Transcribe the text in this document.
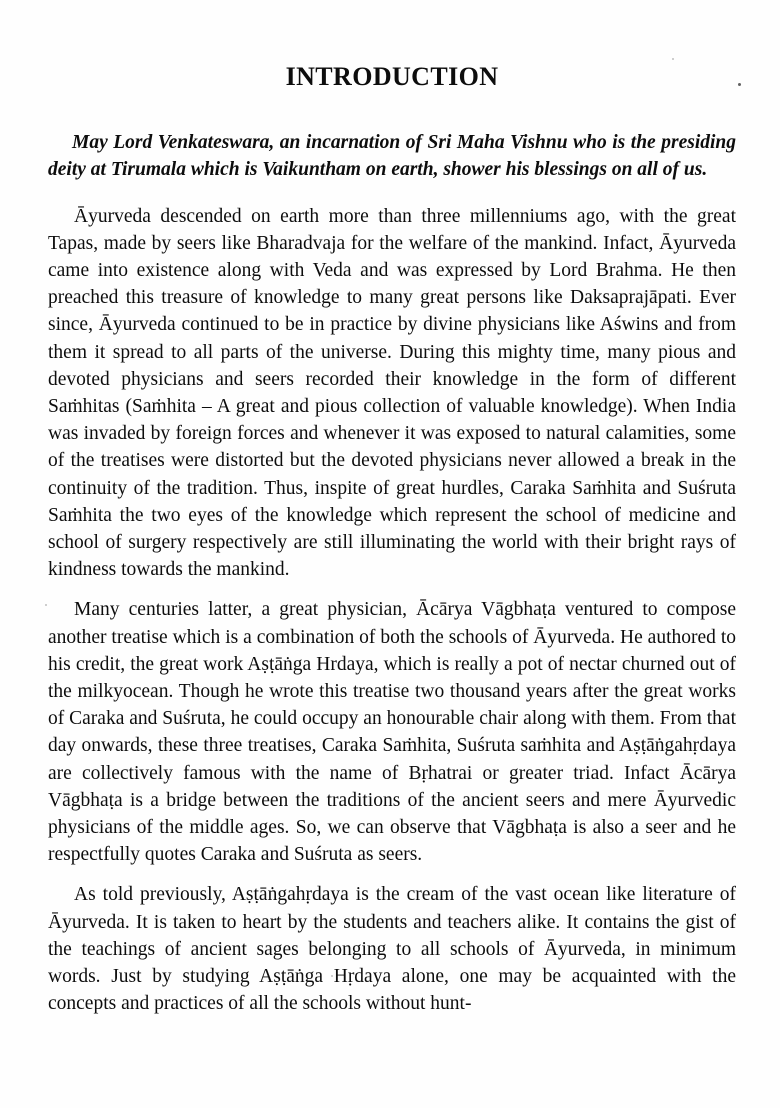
INTRODUCTION

May Lord Venkateswara, an incarnation of Sri Maha Vishnu who is the presiding deity at Tirumala which is Vaikuntham on earth, shower his blessings on all of us.

Āyurveda descended on earth more than three millenniums ago, with the great Tapas, made by seers like Bharadvaja for the welfare of the mankind. Infact, Āyurveda came into existence along with Veda and was expressed by Lord Brahma. He then preached this treasure of knowledge to many great persons like Daksaprajāpati. Ever since, Āyurveda continued to be in practice by divine physicians like Aświns and from them it spread to all parts of the universe. During this mighty time, many pious and devoted physicians and seers recorded their knowledge in the form of different Saṁhitas (Saṁhita – A great and pious collection of valuable knowledge). When India was invaded by foreign forces and whenever it was exposed to natural calamities, some of the treatises were distorted but the devoted physicians never allowed a break in the continuity of the tradition. Thus, inspite of great hurdles, Caraka Saṁhita and Suśruta Saṁhita the two eyes of the knowledge which represent the school of medicine and school of surgery respectively are still illuminating the world with their bright rays of kindness towards the mankind.

Many centuries latter, a great physician, Ācārya Vāgbhaṭa ventured to compose another treatise which is a combination of both the schools of Āyurveda. He authored to his credit, the great work Aṣṭāṅga Hrdaya, which is really a pot of nectar churned out of the milkyocean. Though he wrote this treatise two thousand years after the great works of Caraka and Suśruta, he could occupy an honourable chair along with them. From that day onwards, these three treatises, Caraka Saṁhita, Suśruta saṁhita and Aṣṭāṅgahṛdaya are collectively famous with the name of Bṛhatrai or greater triad. Infact Ācārya Vāgbhaṭa is a bridge between the traditions of the ancient seers and mere Āyurvedic physicians of the middle ages. So, we can observe that Vāgbhaṭa is also a seer and he respectfully quotes Caraka and Suśruta as seers.

As told previously, Aṣṭāṅgahṛdaya is the cream of the vast ocean like literature of Āyurveda. It is taken to heart by the students and teachers alike. It contains the gist of the teachings of ancient sages belonging to all schools of Āyurveda, in minimum words. Just by studying Aṣṭāṅga Hṛdaya alone, one may be acquainted with the concepts and practices of all the schools without hunt-
